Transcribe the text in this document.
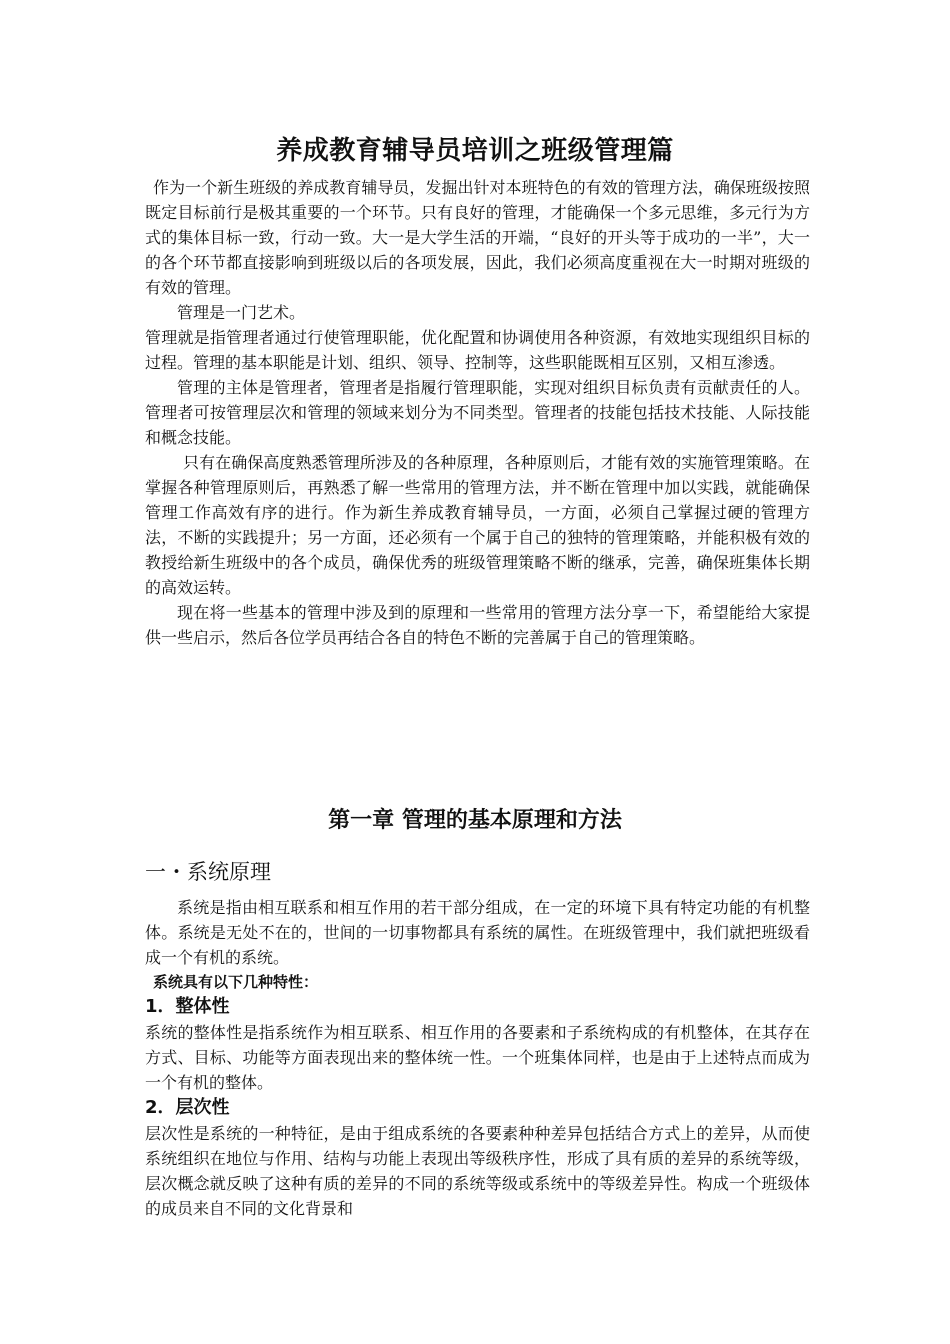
养成教育辅导员培训之班级管理篇

作为一个新生班级的养成教育辅导员，发掘出针对本班特色的有效的管理方法，确保班级按照既定目标前行是极其重要的一个环节。只有良好的管理，才能确保一个多元思维，多元行为方式的集体目标一致，行动一致。大一是大学生活的开端，“良好的开头等于成功的一半”，大一的各个环节都直接影响到班级以后的各项发展，因此，我们必须高度重视在大一时期对班级的有效的管理。

管理是一门艺术。

管理就是指管理者通过行使管理职能，优化配置和协调使用各种资源，有效地实现组织目标的过程。管理的基本职能是计划、组织、领导、控制等，这些职能既相互区别，又相互渗透。

管理的主体是管理者，管理者是指履行管理职能，实现对组织目标负责有贡献责任的人。管理者可按管理层次和管理的领域来划分为不同类型。管理者的技能包括技术技能、人际技能和概念技能。

只有在确保高度熟悉管理所涉及的各种原理，各种原则后，才能有效的实施管理策略。在掌握各种管理原则后，再熟悉了解一些常用的管理方法，并不断在管理中加以实践，就能确保管理工作高效有序的进行。作为新生养成教育辅导员，一方面，必须自己掌握过硬的管理方法，不断的实践提升；另一方面，还必须有一个属于自己的独特的管理策略，并能积极有效的教授给新生班级中的各个成员，确保优秀的班级管理策略不断的继承，完善，确保班集体长期的高效运转。

现在将一些基本的管理中涉及到的原理和一些常用的管理方法分享一下，希望能给大家提供一些启示，然后各位学员再结合各自的特色不断的完善属于自己的管理策略。

第一章 管理的基本原理和方法

一・系统原理

系统是指由相互联系和相互作用的若干部分组成，在一定的环境下具有特定功能的有机整体。系统是无处不在的，世间的一切事物都具有系统的属性。在班级管理中，我们就把班级看成一个有机的系统。

系统具有以下几种特性：

1．整体性

系统的整体性是指系统作为相互联系、相互作用的各要素和子系统构成的有机整体，在其存在方式、目标、功能等方面表现出来的整体统一性。一个班集体同样，也是由于上述特点而成为一个有机的整体。

2．层次性

层次性是系统的一种特征，是由于组成系统的各要素种种差异包括结合方式上的差异，从而使系统组织在地位与作用、结构与功能上表现出等级秩序性，形成了具有质的差异的系统等级，层次概念就反映了这种有质的差异的不同的系统等级或系统中的等级差异性。构成一个班级体的成员来自不同的文化背景和
